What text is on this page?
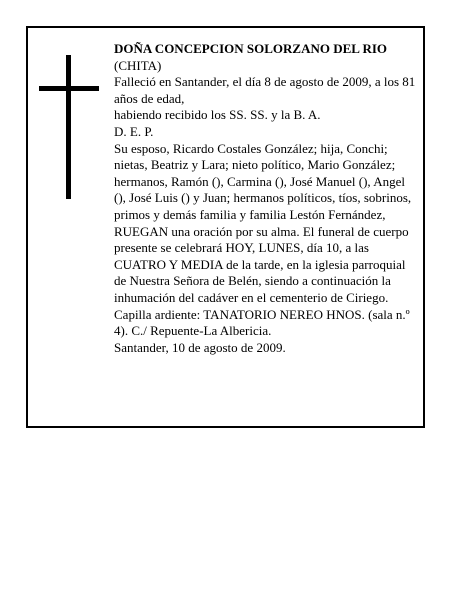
DOÑA CONCEPCION SOLORZANO DEL RIO

(CHITA)

Falleció en Santander, el día 8 de agosto de 2009, a los 81 años de edad,

habiendo recibido los SS. SS. y la B. A.

D. E. P.

Su esposo, Ricardo Costales González; hija, Conchi; nietas, Beatriz y Lara; nieto político, Mario González; hermanos, Ramón (), Carmina (), José Manuel (), Angel (), José Luis () y Juan; hermanos políticos, tíos, sobrinos, primos y demás familia y familia Lestón Fernández,

RUEGAN una oración por su alma. El funeral de cuerpo presente se celebrará HOY, LUNES, día 10, a las CUATRO Y MEDIA de la tarde, en la iglesia parroquial de Nuestra Señora de Belén, siendo a continuación la inhumación del cadáver en el cementerio de Ciriego. Capilla ardiente: TANATORIO NEREO HNOS. (sala n.º 4). C./ Repuente-La Albericia.

Santander, 10 de agosto de 2009.
